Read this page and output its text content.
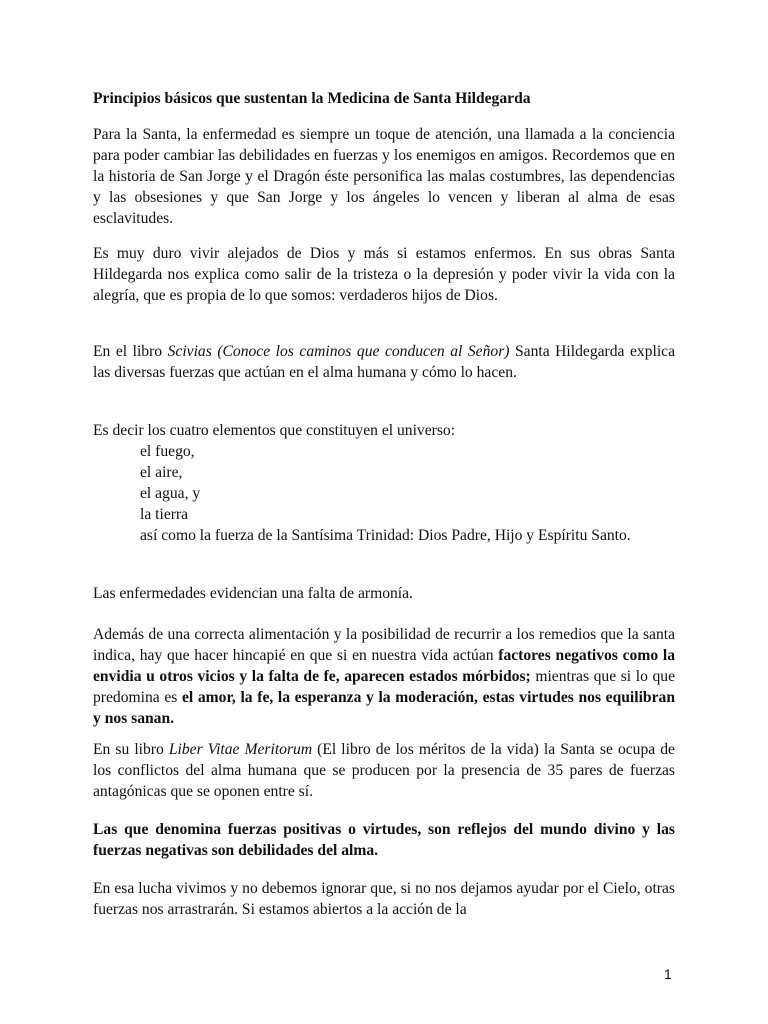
Principios básicos que sustentan la Medicina de Santa Hildegarda

Para la Santa, la enfermedad es siempre un toque de atención, una llamada a la conciencia para poder cambiar las debilidades en fuerzas y los enemigos en amigos. Recordemos que en la historia de San Jorge y el Dragón éste personifica las malas costumbres, las dependencias y las obsesiones y que San Jorge y los ángeles lo vencen y liberan al alma de esas esclavitudes.

Es muy duro vivir alejados de Dios y más si estamos enfermos. En sus obras Santa Hildegarda nos explica como salir de la tristeza o la depresión y poder vivir la vida con la alegría, que es propia de lo que somos: verdaderos hijos de Dios.

En el libro Scivias (Conoce los caminos que conducen al Señor) Santa Hildegarda explica las diversas fuerzas que actúan en el alma humana y cómo lo hacen.

Es decir los cuatro elementos que constituyen el universo:

el fuego,

el aire,

el agua, y

la tierra

así como la fuerza de la Santísima Trinidad: Dios Padre, Hijo y Espíritu Santo.

Las enfermedades evidencian una falta de armonía.

Además de una correcta alimentación y la posibilidad de recurrir a los remedios que la santa indica, hay que hacer hincapié en que si en nuestra vida actúan factores negativos como la envidia u otros vicios y la falta de fe, aparecen estados mórbidos; mientras que si lo que predomina es el amor, la fe, la esperanza y la moderación, estas virtudes nos equilibran y nos sanan.

En su libro Liber Vitae Meritorum (El libro de los méritos de la vida) la Santa se ocupa de los conflictos del alma humana que se producen por la presencia de 35 pares de fuerzas antagónicas que se oponen entre sí.

Las que denomina fuerzas positivas o virtudes, son reflejos del mundo divino y las fuerzas negativas son debilidades del alma.

En esa lucha vivimos y no debemos ignorar que, si no nos dejamos ayudar por el Cielo, otras fuerzas nos arrastrarán. Si estamos abiertos a la acción de la

1
